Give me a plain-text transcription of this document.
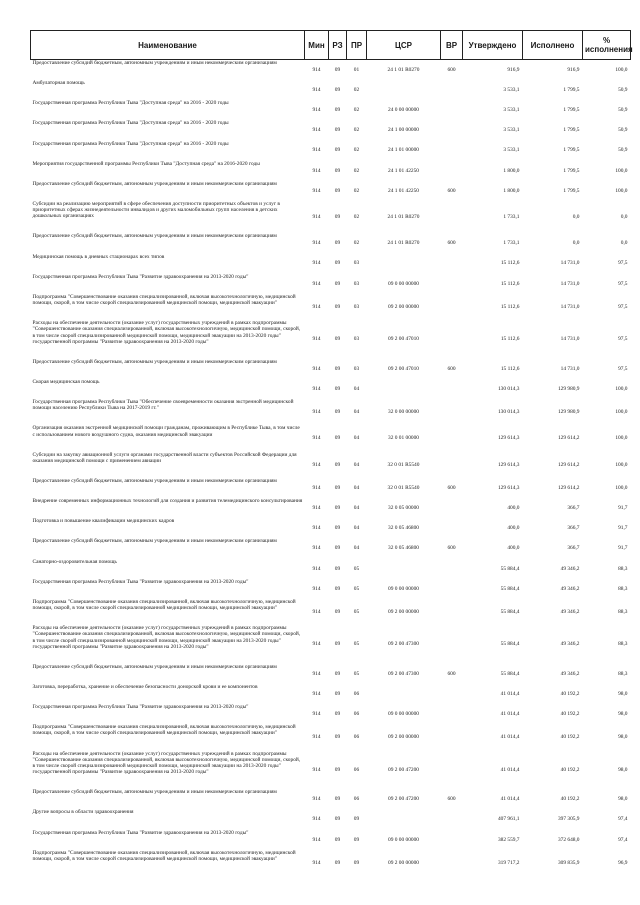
Наименование	Мин	РЗ	ПР	ЦСР	ВР	Утверждено	Исполнено	% исполнения
Предоставление субсидий бюджетным, автономным учреждениям и иным некоммерческим организациям	914	09	01	24 1 01 R0270	600	916,9	916,9	100,0
Амбулаторная помощь	914	09	02			3 533,1	1 799,5	50,9
Государственная программа Республики Тыва "Доступная среда" на 2016 - 2020 годы	914	09	02	24 0 00 00000		3 533,1	1 799,5	50,9
Государственная программа Республики Тыва "Доступная среда" на 2016 - 2020 годы	914	09	02	24 1 00 00000		3 533,1	1 799,5	50,9
Государственная программа Республики Тыва "Доступная среда" на 2016 - 2020 годы	914	09	02	24 1 01 00000		3 533,1	1 799,5	50,9
Мероприятия государственной программы Республики Тыва "Доступная среда" на 2016-2020 годы	914	09	02	24 1 01 42250		1 800,0	1 799,5	100,0
Предоставление субсидий бюджетным, автономным учреждениям и иным некоммерческим организациям	914	09	02	24 1 01 42250	600	1 800,0	1 799,5	100,0
Субсидии на реализацию мероприятий в сфере обеспечения доступности приоритетных объектов и услуг в приоритетных сферах жизнедеятельности инвалидов и других маломобильных групп населения в детских дошкольных организациях	914	09	02	24 1 01 R0270		1 733,1	0,0	0,0
Предоставление субсидий бюджетным, автономным учреждениям и иным некоммерческим организациям	914	09	02	24 1 01 R0270	600	1 733,1	0,0	0,0
Медицинская помощь в дневных стационарах всех типов	914	09	03			15 112,6	14 731,0	97,5
Государственная программа Республики Тыва "Развитие здравоохранения на 2013-2020 годы"	914	09	03	09 0 00 00000		15 112,6	14 731,0	97,5
Подпрограмма "Совершенствование оказания специализированной, включая высокотехнологичную, медицинской помощи, скорой, в том числе скорой специализированной медицинской помощи, медицинской эвакуации"	914	09	03	09 2 00 00000		15 112,6	14 731,0	97,5
Расходы на обеспечение деятельности (оказание услуг) государственных учреждений в рамках подпрограммы "Совершенствование оказания специализированной, включая высокотехнологичную, медицинской помощи, скорой, в том числе скорой специализированной медицинской помощи, медицинской эвакуации на 2013-2020 годы" государственной программы "Развитие здравоохранения на 2013-2020 годы"	914	09	03	09 2 00 47010		15 112,6	14 731,0	97,5
Предоставление субсидий бюджетным, автономным учреждениям и иным некоммерческим организациям	914	09	03	09 2 00 47010	600	15 112,6	14 731,0	97,5
Скорая медицинская помощь	914	09	04			130 014,3	129 980,9	100,0
Государственная программа Республики Тыва "Обеспечение своевременности оказания экстренной медицинской помощи населению Республики Тыва на 2017-2019 гг."	914	09	04	32 0 00 00000		130 014,3	129 980,9	100,0
Организация оказания экстренной медицинской помощи гражданам, проживающим в Республике Тыва, в том числе с использованием нового воздушного судна, оказания медицинской эвакуации	914	09	04	32 0 01 00000		129 614,3	129 614,2	100,0
Субсидии на закупку авиационной услуги органами государственной власти субъектов Российской Федерации для оказания медицинской помощи с применением авиации	914	09	04	32 0 01 R5540		129 614,3	129 614,2	100,0
Предоставление субсидий бюджетным, автономным учреждениям и иным некоммерческим организациям	914	09	04	32 0 01 R5540	600	129 614,3	129 614,2	100,0
Внедрение современных информационных технологий для создания и развития телемедицинского консультирования	914	09	04	32 0 05 00000		400,0	366,7	91,7
Подготовка и повышение квалификации медицинских кадров	914	09	04	32 0 05 46800		400,0	366,7	91,7
Предоставление субсидий бюджетным, автономным учреждениям и иным некоммерческим организациям	914	09	04	32 0 05 46800	600	400,0	366,7	91,7
Санаторно-оздоровительная помощь	914	09	05			55 884,4	49 346,2	88,3
Государственная программа Республики Тыва "Развитие здравоохранения на 2013-2020 годы"	914	09	05	09 0 00 00000		55 884,4	49 346,2	88,3
Подпрограмма "Совершенствование оказания специализированной, включая высокотехнологичную, медицинской помощи, скорой, в том числе скорой специализированной медицинской помощи, медицинской эвакуации"	914	09	05	09 2 00 00000		55 884,4	49 346,2	88,3
Расходы на обеспечение деятельности (оказание услуг) государственных учреждений в рамках подпрограммы "Совершенствование оказания специализированной, включая высокотехнологичную, медицинской помощи, скорой, в том числе скорой специализированной медицинской помощи, медицинской эвакуации на 2013-2020 годы" государственной программы "Развитие здравоохранения на 2013-2020 годы"	914	09	05	09 2 00 47300		55 884,4	49 346,2	88,3
Предоставление субсидий бюджетным, автономным учреждениям и иным некоммерческим организациям	914	09	05	09 2 00 47300	600	55 884,4	49 346,2	88,3
Заготовка, переработка, хранение и обеспечение безопасности донорской крови и ее компонентов	914	09	06			41 014,4	40 192,2	98,0
Государственная программа Республики Тыва "Развитие здравоохранения на 2013-2020 годы"	914	09	06	09 0 00 00000		41 014,4	40 192,2	98,0
Подпрограмма "Совершенствование оказания специализированной, включая высокотехнологичную, медицинской помощи, скорой, в том числе скорой специализированной медицинской помощи, медицинской эвакуации"	914	09	06	09 2 00 00000		41 014,4	40 192,2	98,0
Расходы на обеспечение деятельности (оказание услуг) государственных учреждений в рамках подпрограммы "Совершенствование оказания специализированной, включая высокотехнологичную, медицинской помощи, скорой, в том числе скорой специализированной медицинской помощи, медицинской эвакуации на 2013-2020 годы" государственной программы "Развитие здравоохранения на 2013-2020 годы"	914	09	06	09 2 00 47200		41 014,4	40 192,2	98,0
Предоставление субсидий бюджетным, автономным учреждениям и иным некоммерческим организациям	914	09	06	09 2 00 47200	600	41 014,4	40 192,2	98,0
Другие вопросы в области здравоохранения	914	09	09			407 961,1	397 305,9	97,4
Государственная программа Республики Тыва "Развитие здравоохранения на 2013-2020 годы"	914	09	09	09 0 00 00000		382 559,7	372 648,0	97,4
Подпрограмма "Совершенствование оказания специализированной, включая высокотехнологичную, медицинской помощи, скорой, в том числе скорой специализированной медицинской помощи, медицинской эвакуации"	914	09	09	09 2 00 00000		319 717,2	309 835,9	96,9
